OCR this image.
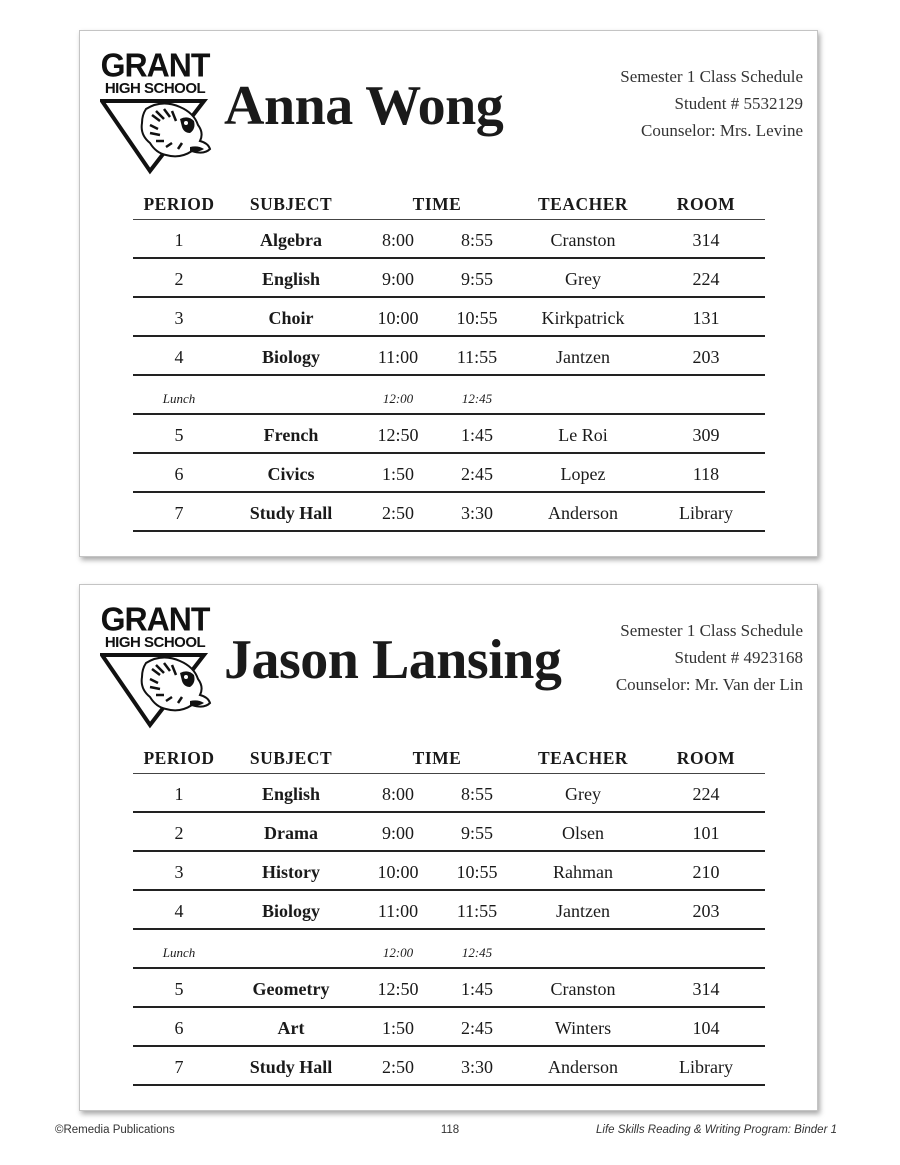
GRANT
HIGH SCHOOL Anna Wong	Semester 1 Class Schedule
Student # 5532129
Counselor: Mrs. Levine
PERIOD SUBJECT	TIME	TEACHER	ROOM
1	Algebra	8:00	8:55	Cranston	314
2	English	9:00	9:55	Grey	224
3	Choir	10:00 10:55 Kirkpatrick	131
4	Biology	11:00 11:55	Jantzen	203
Lunch	12:00	12:45
5	French	12:50 1:45	Le Roi	309
6	Civics	1:50	2:45	Lopez	118
7	Study Hall	2:50	3:30	Anderson	Library
GRANT
HIGH SCHOOL Jason Lansing	Semester 1 Class Schedule
Student # 4923168
Counselor: Mr. Van der Lin
PERIOD SUBJECT	TIME	TEACHER	ROOM
1	English	8:00	8:55	Grey	224
2	Drama	9:00	9:55	Olsen	101
3	History	10:00 10:55	Rahman	210
4	Biology	11:00 11:55	Jantzen	203
Lunch	12:00	12:45
5	Geometry	12:50 1:45	Cranston	314
6	Art	1:50	2:45	Winters	104
7	Study Hall	2:50	3:30	Anderson	Library
©Remedia Publications	118	Life Skills Reading & Writing Program: Binder 1
